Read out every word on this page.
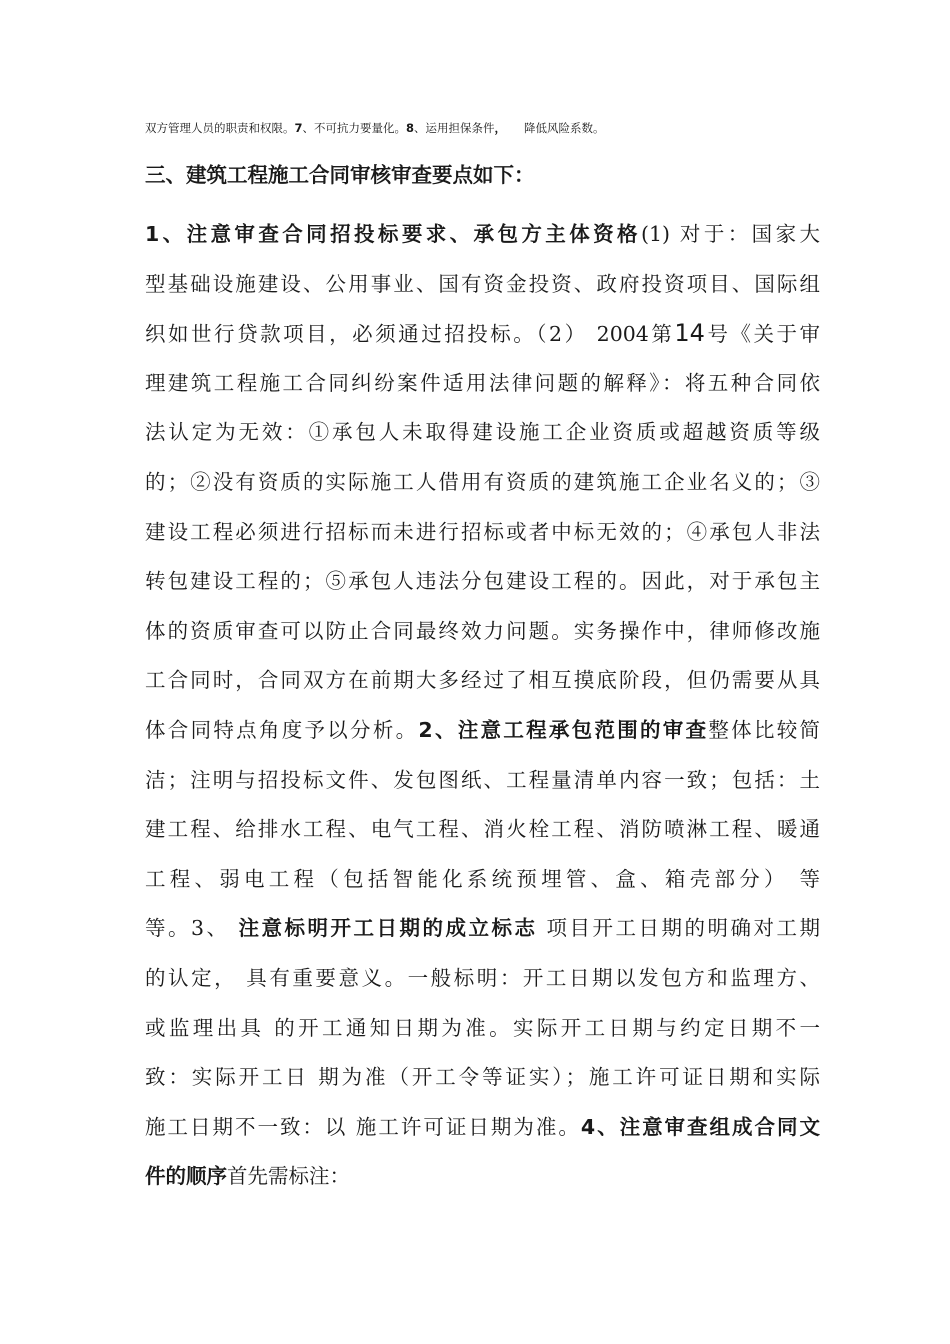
双方管理人员的职责和权限。7、不可抗力要量化。8、运用担保条件， 降低风险系数。
三、建筑工程施工合同审核审查要点如下：
1、注意审查合同招投标要求、承包方主体资格(1) 对于：国家大
型基础设施建设、公用事业、国有资金投资、政府投资项目、国际组
织如世行贷款项目，必须通过招投标。（2） 2004第14号《关于审
理建筑工程施工合同纠纷案件适用法律问题的解释》：将五种合同依
法认定为无效：①承包人未取得建设施工企业资质或超越资质等级
的；②没有资质的实际施工人借用有资质的建筑施工企业名义的；③
建设工程必须进行招标而未进行招标或者中标无效的；④承包人非法
转包建设工程的；⑤承包人违法分包建设工程的。因此，对于承包主
体的资质审查可以防止合同最终效力问题。实务操作中，律师修改施
工合同时，合同双方在前期大多经过了相互摸底阶段，但仍需要从具
体合同特点角度予以分析。2、注意工程承包范围的审查整体比较简
洁；注明与招投标文件、发包图纸、工程量清单内容一致；包括：土
建工程、给排水工程、电气工程、消火栓工程、消防喷淋工程、暖通
工程、弱电工程（包括智能化系统预埋管、盒、箱壳部分） 等
等。3、 注意标明开工日期的成立标志 项目开工日期的明确对工期
的认定， 具有重要意义。一般标明：开工日期以发包方和监理方、
或监理出具 的开工通知日期为准。实际开工日期与约定日期不一
致：实际开工日 期为准（开工令等证实）；施工许可证日期和实际
施工日期不一致：以 施工许可证日期为准。4、注意审查组成合同文
件的顺序首先需标注：
